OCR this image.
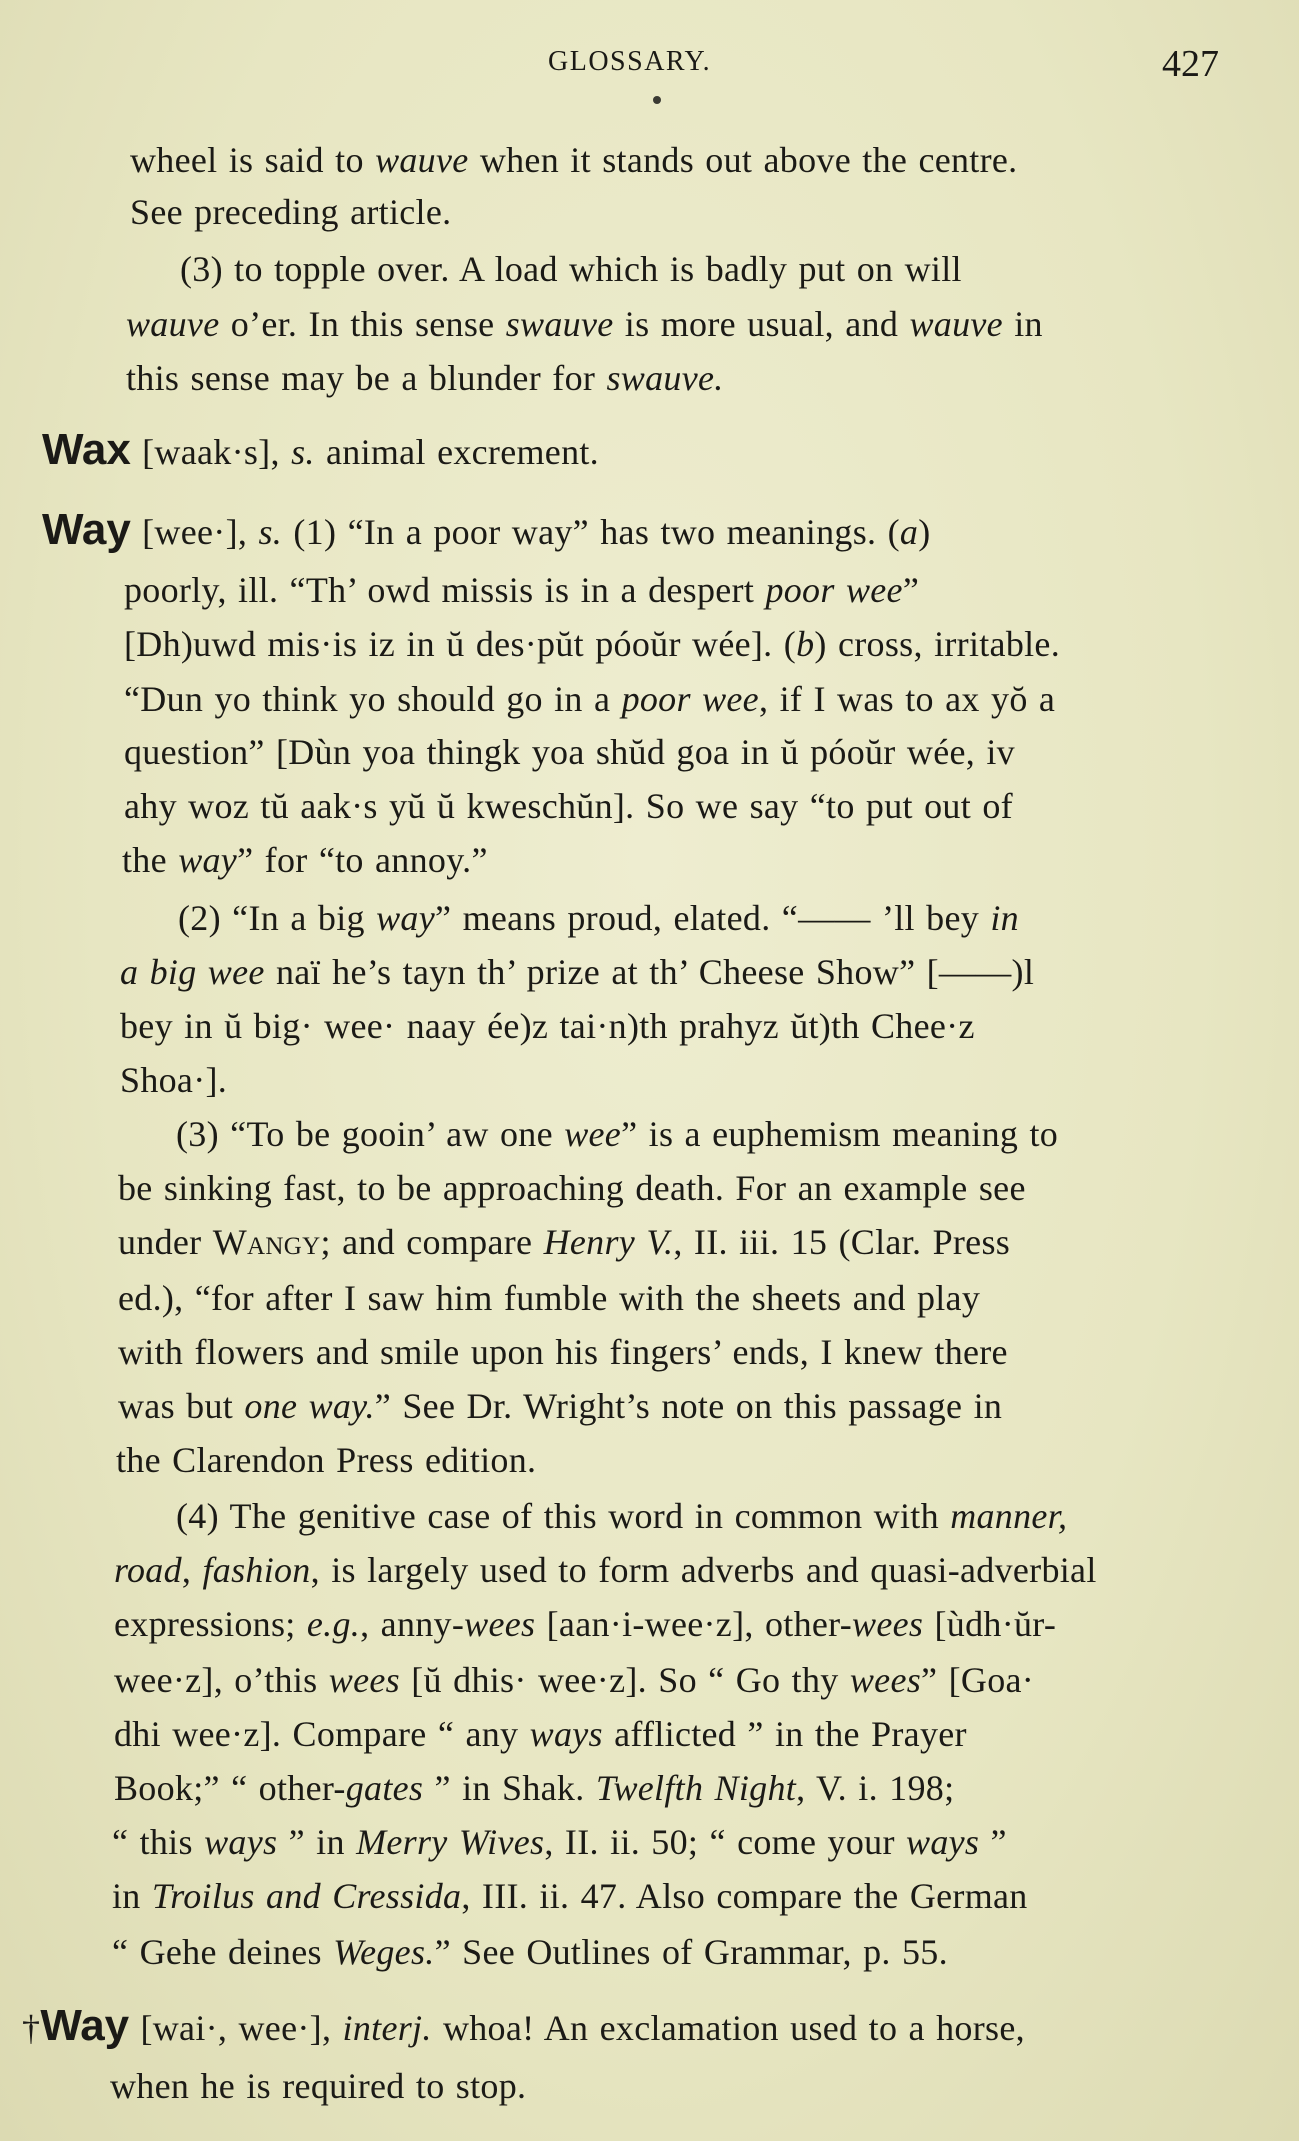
GLOSSARY.	427
wheel is said to wauve when it stands out above the centre.
See preceding article.
(3) to topple over. A load which is badly put on will
wauve o’er. In this sense swauve is more usual, and wauve in
this sense may be a blunder for swauve.
Wax [waak·s], s. animal excrement.
Way [wee·], s. (1) “In a poor way” has two meanings. (a)
poorly, ill. “Th’ owd missis is in a despert poor wee”
[Dh)uwd mis·is iz in ŭ des·pŭt póoŭr wée]. (b) cross, irritable.
“Dun yo think yo should go in a poor wee, if I was to ax yŏ a
question” [Dùn yoa thingk yoa shŭd goa in ŭ póoŭr wée, iv
ahy woz tŭ aak·s yŭ ŭ kweschŭn]. So we say “to put out of
the way” for “to annoy.”
(2) “In a big way” means proud, elated. “—— ’ll bey in
a big wee naï he’s tayn th’ prize at th’ Cheese Show” [——)l
bey in ŭ big· wee· naay ée)z tai·n)th prahyz ŭt)th Chee·z
Shoa·].
(3) “To be gooin’ aw one wee” is a euphemism meaning to
be sinking fast, to be approaching death. For an example see
under Wangy; and compare Henry V., II. iii. 15 (Clar. Press
ed.), “for after I saw him fumble with the sheets and play
with flowers and smile upon his fingers’ ends, I knew there
was but one way.” See Dr. Wright’s note on this passage in
the Clarendon Press edition.
(4) The genitive case of this word in common with manner,
road, fashion, is largely used to form adverbs and quasi-adverbial
expressions; e.g., anny-wees [aan·i-wee·z], other-wees [ùdh·ŭr-
wee·z], o’this wees [ŭ dhis· wee·z]. So “ Go thy wees” [Goa·
dhi wee·z]. Compare “ any ways afflicted ” in the Prayer
Book;” “ other-gates ” in Shak. Twelfth Night, V. i. 198;
“ this ways ” in Merry Wives, II. ii. 50; “ come your ways ”
in Troilus and Cressida, III. ii. 47. Also compare the German
“ Gehe deines Weges.” See Outlines of Grammar, p. 55.
†Way [wai·, wee·], interj. whoa! An exclamation used to a horse,
when he is required to stop.
